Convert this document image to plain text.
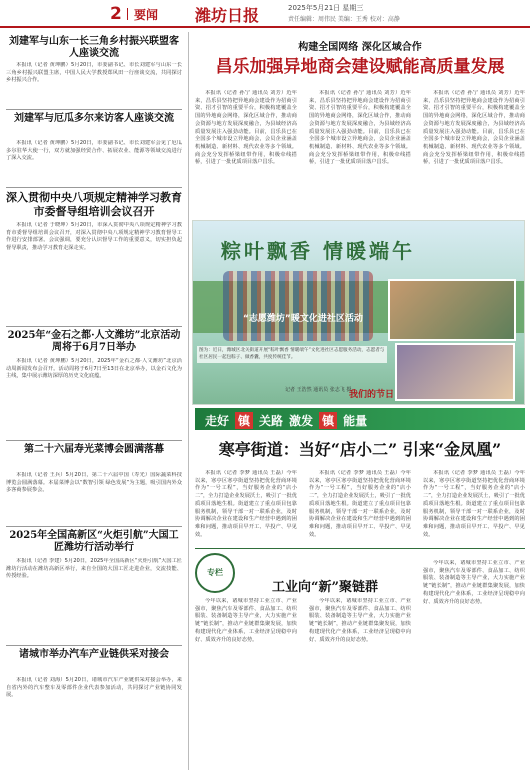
2 要闻 潍坊日报	2025年5月21日 星期三
责任编辑：周伟民 美编：王秀 校对：高静
刘建军与山东一长三角乡村振兴联盟客人座谈交流

本报讯（记者 黄坤鹏）5月20日，市委副书记、市长刘建军与山东一长三角乡村振兴联盟主席，中国人民大学教授郑风田一行座谈交流，共同探讨乡村振兴合作。

刘建军与厄瓜多尔来访客人座谈交流

本报讯（记者 黄坤鹏）5月20日，市委副书记、市长刘建军会见了厄瓜多尔驻华大使一行，双方就加强经贸合作、拓展农业、能源等领域交流进行了深入交流。

深入贯彻中央八项规定精神学习教育市委督导组培训会议召开

本报讯（记者 于晓坤）5月20日，市深入贯彻中央八项规定精神学习教育市委督导组培训会议召开，对深入贯彻中央八项规定精神学习教育督导工作进行安排部署。会议强调，要充分认识督导工作的重要意义，切实担负起督导职责，推动学习教育走深走实。

2025年“金石之都·人文潍坊”北京活动周将于6月7日举办

本报讯（记者 黄坤鹏）5月20日，2025年“金石之都·人文潍坊”北京活动周新闻发布会召开。活动周将于6月7日至13日在北京举办，以金石文化为主线，集中展示潍坊深厚的历史文化底蕴。

第二十六届寿光菜博会圆满落幕

本报讯（记者 王兵）5月20日，第二十六届中国（寿光）国际蔬菜科技博览会圆满落幕。本届菜博会以“数智引领 绿色发展”为主题，吸引国内外众多客商参展参会。

2025年全国高新区“火炬引航”大国工匠潍坊行活动举行

本报讯（记者 李建）5月20日，2025年全国高新区“火炬引航”大国工匠潍坊行活动在潍坊高新区举行，来自全国的大国工匠走进企业，交流技能、传授经验。

诸城市举办汽车产业链供采对接会

本报讯（记者 刘海）5月20日，诸城市汽车产业链供采对接会举办，来自省内外的汽车整车及零部件企业代表参加活动，共同探讨产业链协同发展。

构建全国网络 深化区域合作
昌乐加强异地商会建设赋能高质量发展

本报讯（记者 孙宁 通讯员 刘芳）近年来，昌乐县坚持把异地商会建设作为招商引资、招才引智的重要平台，积极构建覆盖全国的异地商会网络，深化区域合作，推动商会资源与地方发展深度融合，为县域经济高质量发展注入强劲动能。目前，昌乐县已在全国多个城市设立异地商会，会员企业涵盖机械制造、新材料、现代农业等多个领域。商会充分发挥桥梁纽带作用，积极牵线搭桥，引进了一批优质项目落户昌乐。

本报讯（记者 孙宁 通讯员 刘芳）近年来，昌乐县坚持把异地商会建设作为招商引资、招才引智的重要平台，积极构建覆盖全国的异地商会网络，深化区域合作，推动商会资源与地方发展深度融合，为县域经济高质量发展注入强劲动能。目前，昌乐县已在全国多个城市设立异地商会，会员企业涵盖机械制造、新材料、现代农业等多个领域。商会充分发挥桥梁纽带作用，积极牵线搭桥，引进了一批优质项目落户昌乐。

本报讯（记者 孙宁 通讯员 刘芳）近年来，昌乐县坚持把异地商会建设作为招商引资、招才引智的重要平台，积极构建覆盖全国的异地商会网络，深化区域合作，推动商会资源与地方发展深度融合，为县域经济高质量发展注入强劲动能。目前，昌乐县已在全国多个城市设立异地商会，会员企业涵盖机械制造、新材料、现代农业等多个领域。商会充分发挥桥梁纽带作用，积极牵线搭桥，引进了一批优质项目落户昌乐。

粽叶飘香 情暖端午
“志愿潍坊”暖文化进社区活动
图为：近日，潍城区北关街道开展“粽叶飘香 情暖端午”文化进社区志愿服务活动，志愿者与社区居民一起包粽子、做香囊，共度传统佳节。
记者 王浩然 通讯员 张志飞 摄
我们的节日
走好 镇 关路 激发 镇 能量
寒亭街道：当好“店小二” 引来“金凤凰”

本报讯（记者 李梦 通讯员 王磊）今年以来，寒亭区寒亭街道坚持把优化营商环境作为“一号工程”，当好服务企业的“店小二”，全力打造企业发展沃土，吸引了一批优质项目落地生根。街道建立了重点项目包靠服务机制，领导干部一对一联系企业，及时协调解决企业在建设和生产经营中遇到的困难和问题，推动项目早开工、早投产、早见效。

本报讯（记者 李梦 通讯员 王磊）今年以来，寒亭区寒亭街道坚持把优化营商环境作为“一号工程”，当好服务企业的“店小二”，全力打造企业发展沃土，吸引了一批优质项目落地生根。街道建立了重点项目包靠服务机制，领导干部一对一联系企业，及时协调解决企业在建设和生产经营中遇到的困难和问题，推动项目早开工、早投产、早见效。

本报讯（记者 李梦 通讯员 王磊）今年以来，寒亭区寒亭街道坚持把优化营商环境作为“一号工程”，当好服务企业的“店小二”，全力打造企业发展沃土，吸引了一批优质项目落地生根。街道建立了重点项目包靠服务机制，领导干部一对一联系企业，及时协调解决企业在建设和生产经营中遇到的困难和问题，推动项目早开工、早投产、早见效。

专栏
工业向“新”聚链群

今年以来，诸城市坚持工业立市、产业强市，聚焦汽车及零部件、食品加工、纺织服装、装备制造等主导产业，大力实施产业链“链长制”，推动产业链群集聚发展，加快构建现代化产业体系，工业经济呈现稳中向好、质效齐升的良好态势。

今年以来，诸城市坚持工业立市、产业强市，聚焦汽车及零部件、食品加工、纺织服装、装备制造等主导产业，大力实施产业链“链长制”，推动产业链群集聚发展，加快构建现代化产业体系，工业经济呈现稳中向好、质效齐升的良好态势。

今年以来，诸城市坚持工业立市、产业强市，聚焦汽车及零部件、食品加工、纺织服装、装备制造等主导产业，大力实施产业链“链长制”，推动产业链群集聚发展，加快构建现代化产业体系，工业经济呈现稳中向好、质效齐升的良好态势。
